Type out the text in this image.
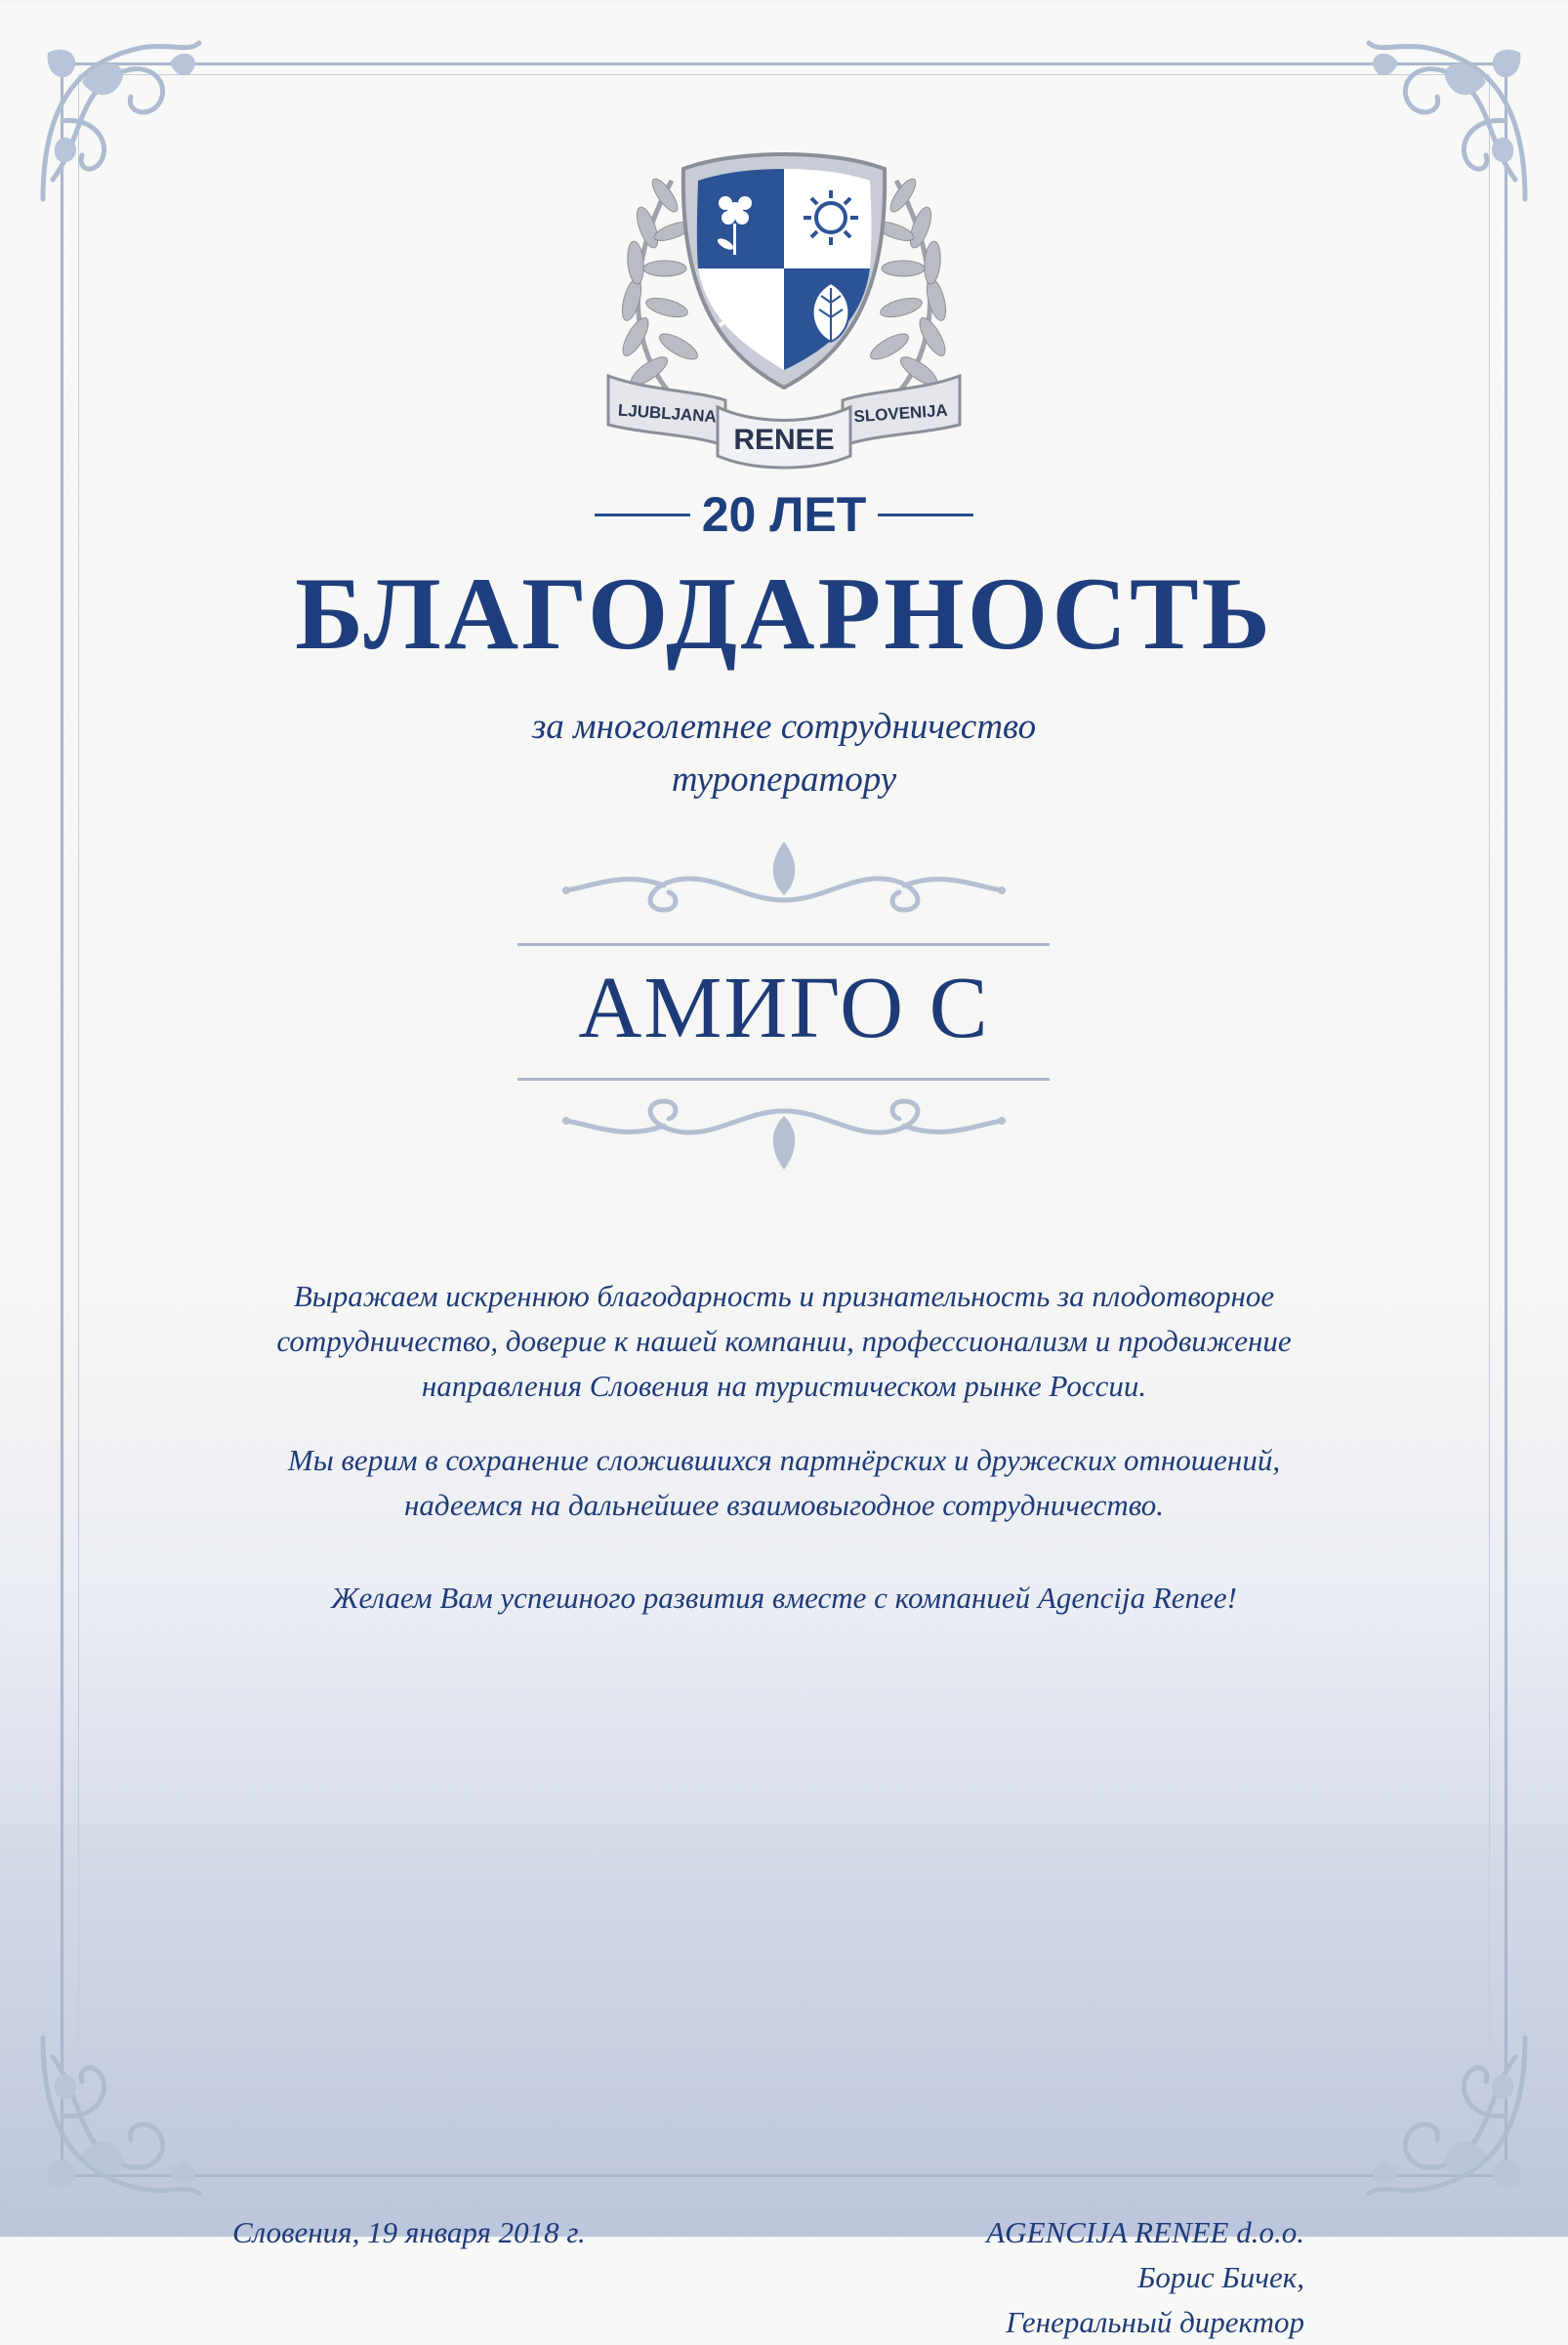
LJUBLJANA	SLOVENIJA
RENEE
20 ЛЕТ
БЛАГОДАРНОСТЬ
за многолетнее сотрудничество
туроператору
АМИГО С
Выражаем искреннюю благодарность и признательность за плодотворное
сотрудничество, доверие к нашей компании, профессионализм и продвижение
направления Словения на туристическом рынке России.
Мы верим в сохранение сложившихся партнёрских и дружеских отношений,
надеемся на дальнейшее взаимовыгодное сотрудничество.
Желаем Вам успешного развития вместе с компанией Agencija Renee!
Словения, 19 января 2018 г.	AGENCIJA RENEE d.o.o.
Борис Бичек,
Генеральный директор
